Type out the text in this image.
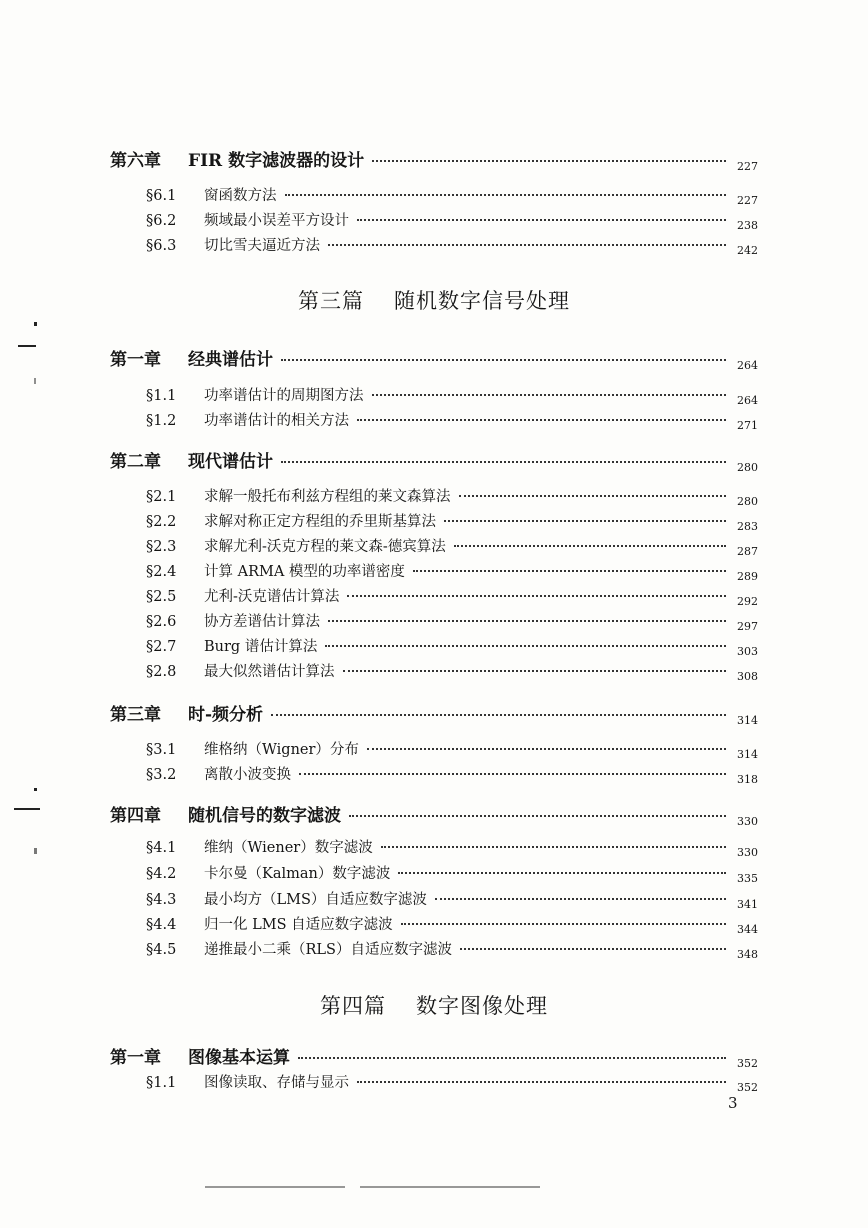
第六章	FIR 数字滤波器的设计	227
§6.1	窗函数方法	227
§6.2	频域最小误差平方设计	238
§6.3	切比雪夫逼近方法	242
第三篇 随机数字信号处理
第一章	经典谱估计	264
§1.1	功率谱估计的周期图方法	264
§1.2	功率谱估计的相关方法	271
第二章	现代谱估计	280
§2.1	求解一般托布利兹方程组的莱文森算法	280
§2.2	求解对称正定方程组的乔里斯基算法	283
§2.3	求解尤利-沃克方程的莱文森-德宾算法	287
§2.4	计算 ARMA 模型的功率谱密度	289
§2.5	尤利-沃克谱估计算法	292
§2.6	协方差谱估计算法	297
§2.7	Burg 谱估计算法	303
§2.8	最大似然谱估计算法	308
第三章	时-频分析	314
§3.1	维格纳（Wigner）分布	314
§3.2	离散小波变换	318
第四章	随机信号的数字滤波	330
§4.1	维纳（Wiener）数字滤波	330
§4.2	卡尔曼（Kalman）数字滤波	335
§4.3	最小均方（LMS）自适应数字滤波	341
§4.4	归一化 LMS 自适应数字滤波	344
§4.5	递推最小二乘（RLS）自适应数字滤波	348
第四篇 数字图像处理
第一章	图像基本运算	352
§1.1	图像读取、存储与显示	352
3
